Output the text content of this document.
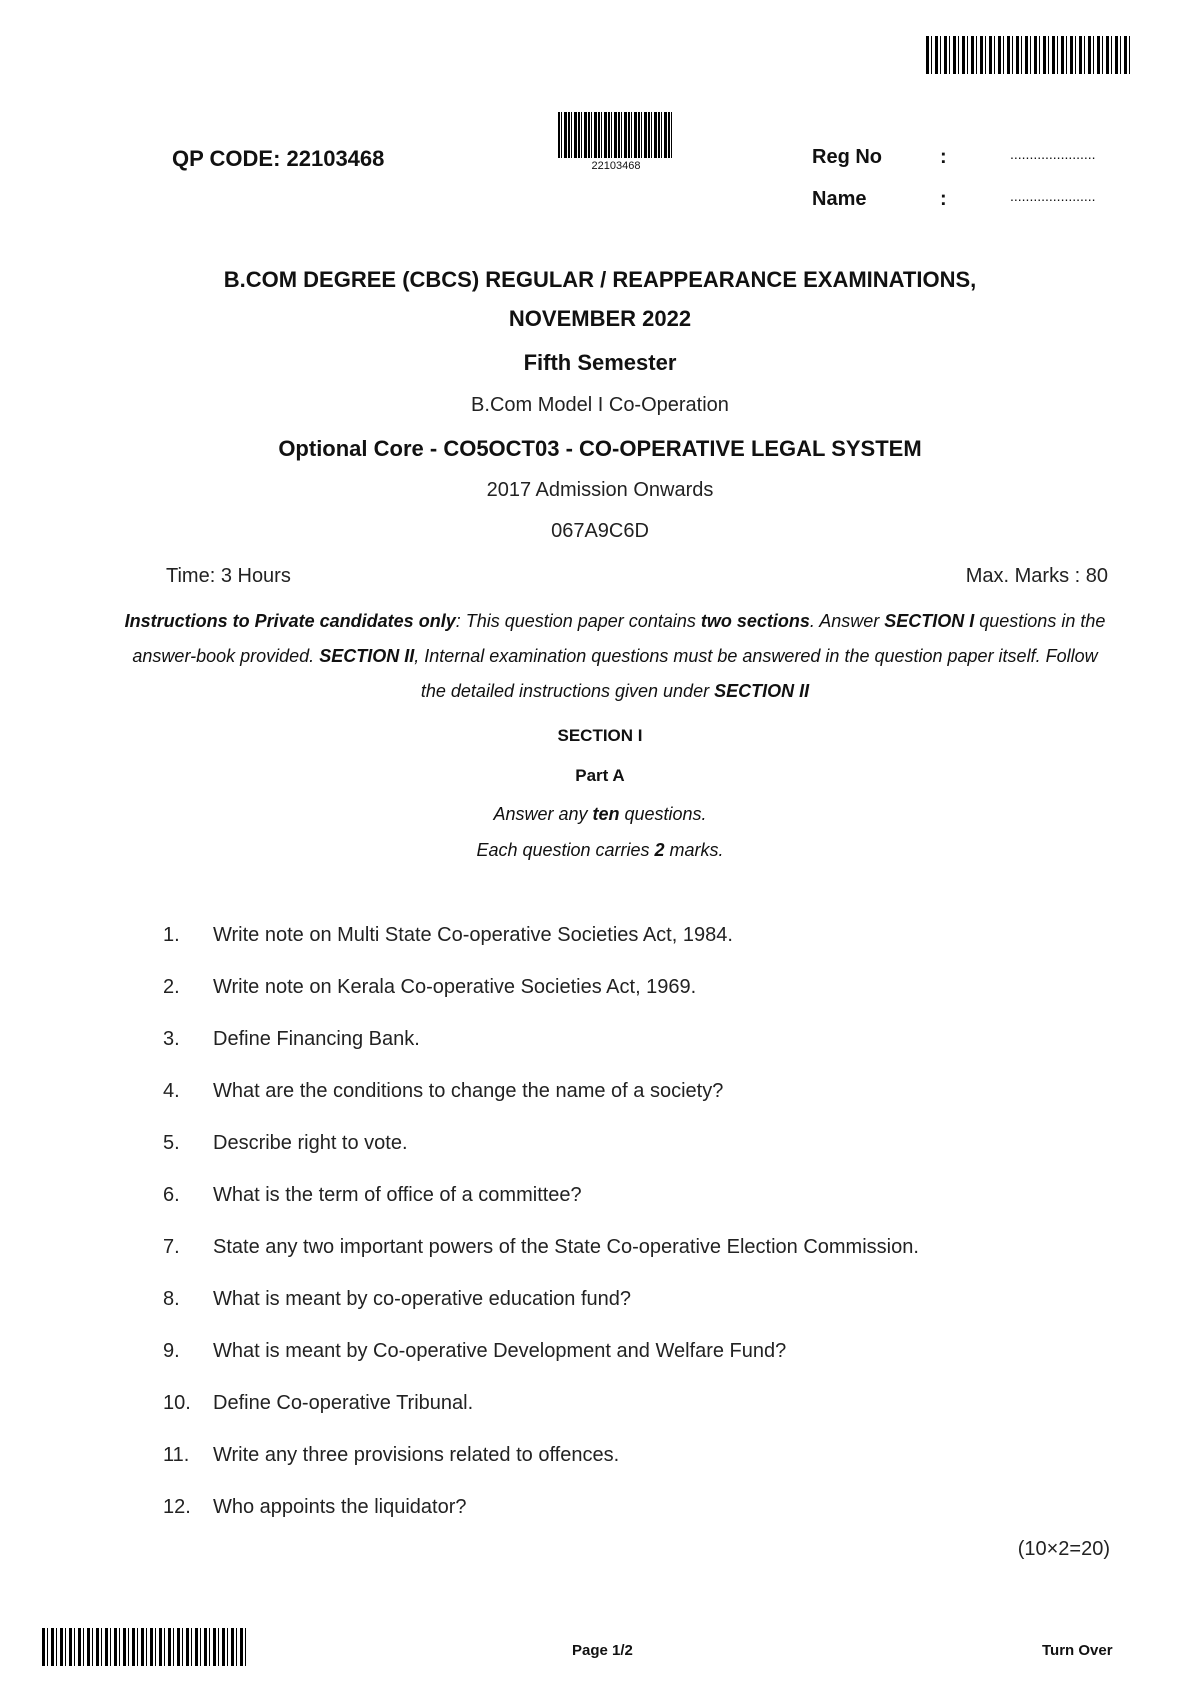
QP CODE: 22103468	22103468	Reg No	:	......................
Name	:	......................
B.COM DEGREE (CBCS) REGULAR / REAPPEARANCE EXAMINATIONS,
NOVEMBER 2022
Fifth Semester
B.Com Model I Co-Operation
Optional Core - CO5OCT03 - CO-OPERATIVE LEGAL SYSTEM
2017 Admission Onwards
067A9C6D
Time: 3 Hours	Max. Marks : 80
Instructions to Private candidates only: This question paper contains two sections. Answer SECTION I questions in the answer-book provided. SECTION II, Internal examination questions must be answered in the question paper itself. Follow the detailed instructions given under SECTION II
SECTION I
Part A
Answer any ten questions.
Each question carries 2 marks.
1. Write note on Multi State Co-operative Societies Act, 1984.
2. Write note on Kerala Co-operative Societies Act, 1969.
3. Define Financing Bank.
4. What are the conditions to change the name of a society?
5. Describe right to vote.
6. What is the term of office of a committee?
7. State any two important powers of the State Co-operative Election Commission.
8. What is meant by co-operative education fund?
9. What is meant by Co-operative Development and Welfare Fund?
10. Define Co-operative Tribunal.
11. Write any three provisions related to offences.
12. Who appoints the liquidator?
(10×2=20)
Page 1/2	Turn Over
